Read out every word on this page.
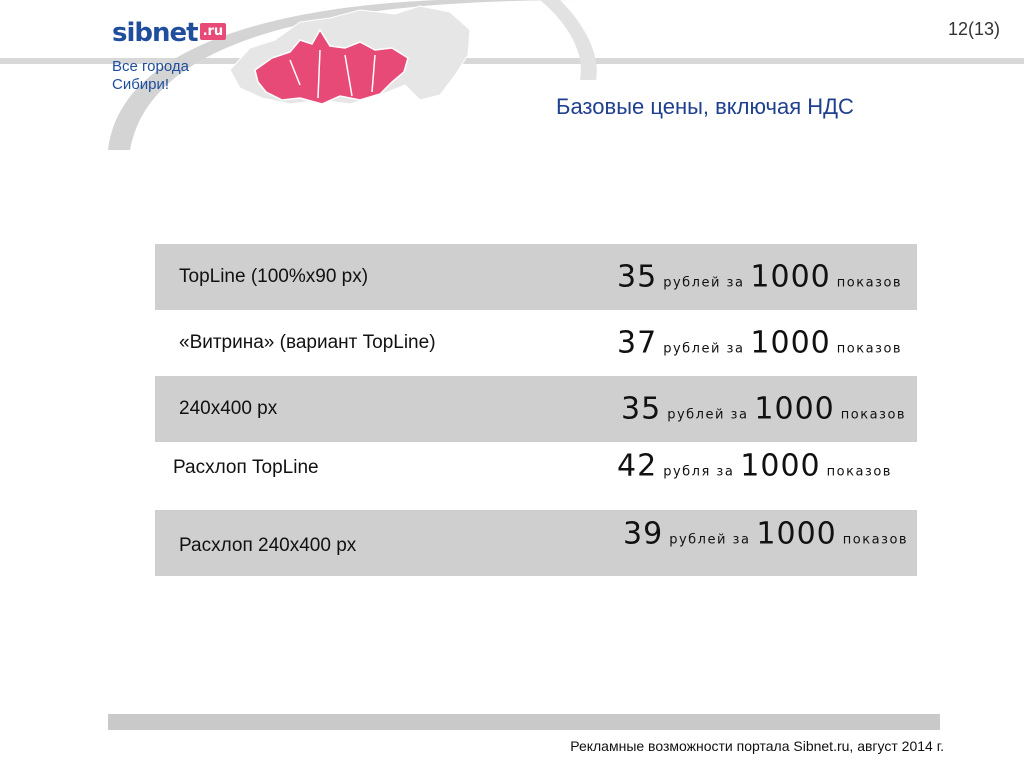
sibnet .ru
Все города
Сибири!
12(13)
Базовые цены, включая НДС
TopLine (100%x90 px)	35 рублей за 1000 показов
«Витрина» (вариант TopLine)	37 рублей за 1000 показов
240x400 px	35 рублей за 1000 показов
Расхлоп TopLine	42 рубля за 1000 показов
Расхлоп 240x400 px	39 рублей за 1000 показов
Рекламные возможности портала Sibnet.ru, август 2014 г.
